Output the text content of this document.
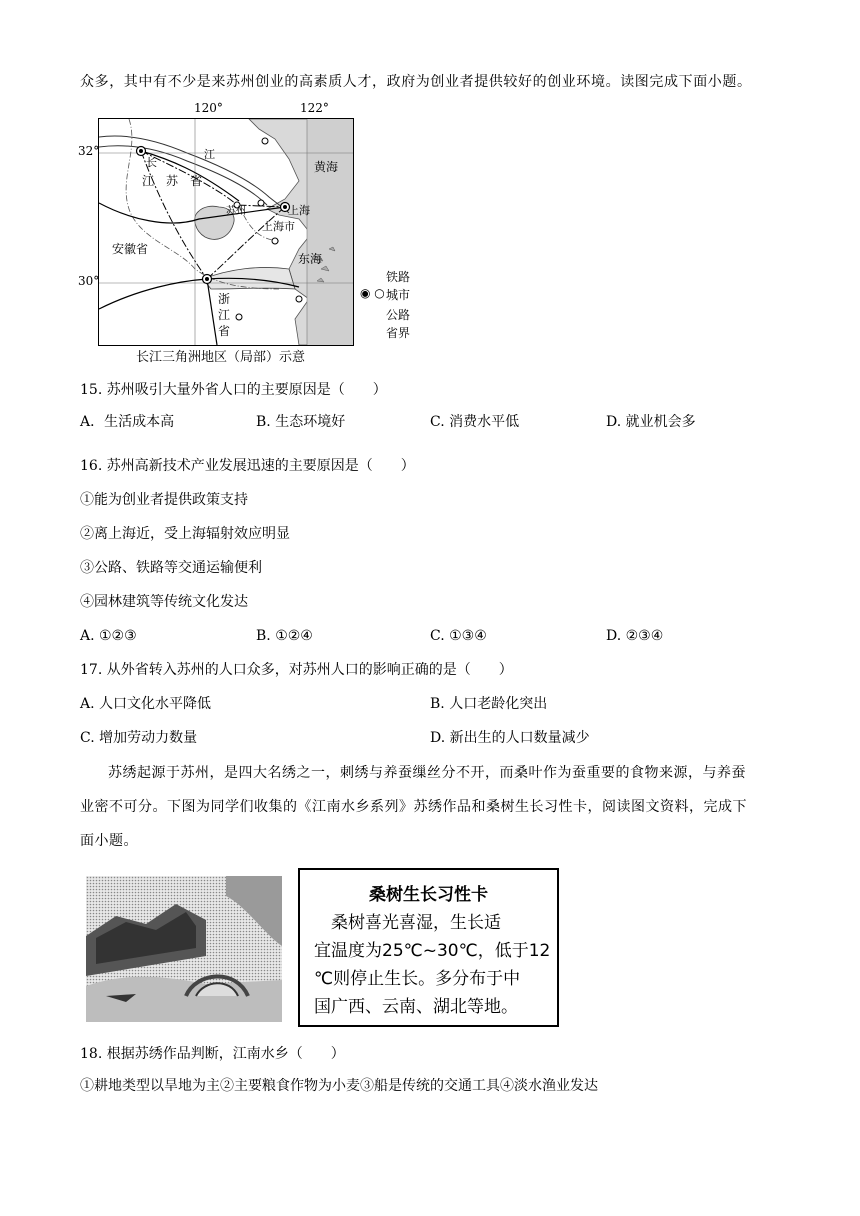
众多，其中有不少是来苏州创业的高素质人才，政府为创业者提供较好的创业环境。读图完成下面小题。
120°	122°
32°
30°
长
江
江　苏　省
黄海
苏州	上海
上海市
安徽省
东海
浙
江
省
铁路
◉ ○ 城市
公路
省界
长江三角洲地区（局部）示意
15. 苏州吸引大量外省人口的主要原因是（　　）
A．生活成本高	B. 生态环境好	C. 消费水平低	D. 就业机会多
16. 苏州高新技术产业发展迅速的主要原因是（　　）
①能为创业者提供政策支持
②离上海近，受上海辐射效应明显
③公路、铁路等交通运输便利
④园林建筑等传统文化发达
A. ①②③	B. ①②④	C. ①③④	D. ②③④
17. 从外省转入苏州的人口众多，对苏州人口的影响正确的是（　　）
A. 人口文化水平降低	B. 人口老龄化突出
C. 增加劳动力数量	D. 新出生的人口数量减少
苏绣起源于苏州，是四大名绣之一，刺绣与养蚕缫丝分不开，而桑叶作为蚕重要的食物来源，与养蚕
业密不可分。下图为同学们收集的《江南水乡系列》苏绣作品和桑树生长习性卡，阅读图文资料，完成下
面小题。
桑树生长习性卡
　桑树喜光喜湿，生长适
宜温度为25℃~30℃，低于12
℃则停止生长。多分布于中
国广西、云南、湖北等地。
18. 根据苏绣作品判断，江南水乡（　　）
①耕地类型以旱地为主②主要粮食作物为小麦③船是传统的交通工具④淡水渔业发达
